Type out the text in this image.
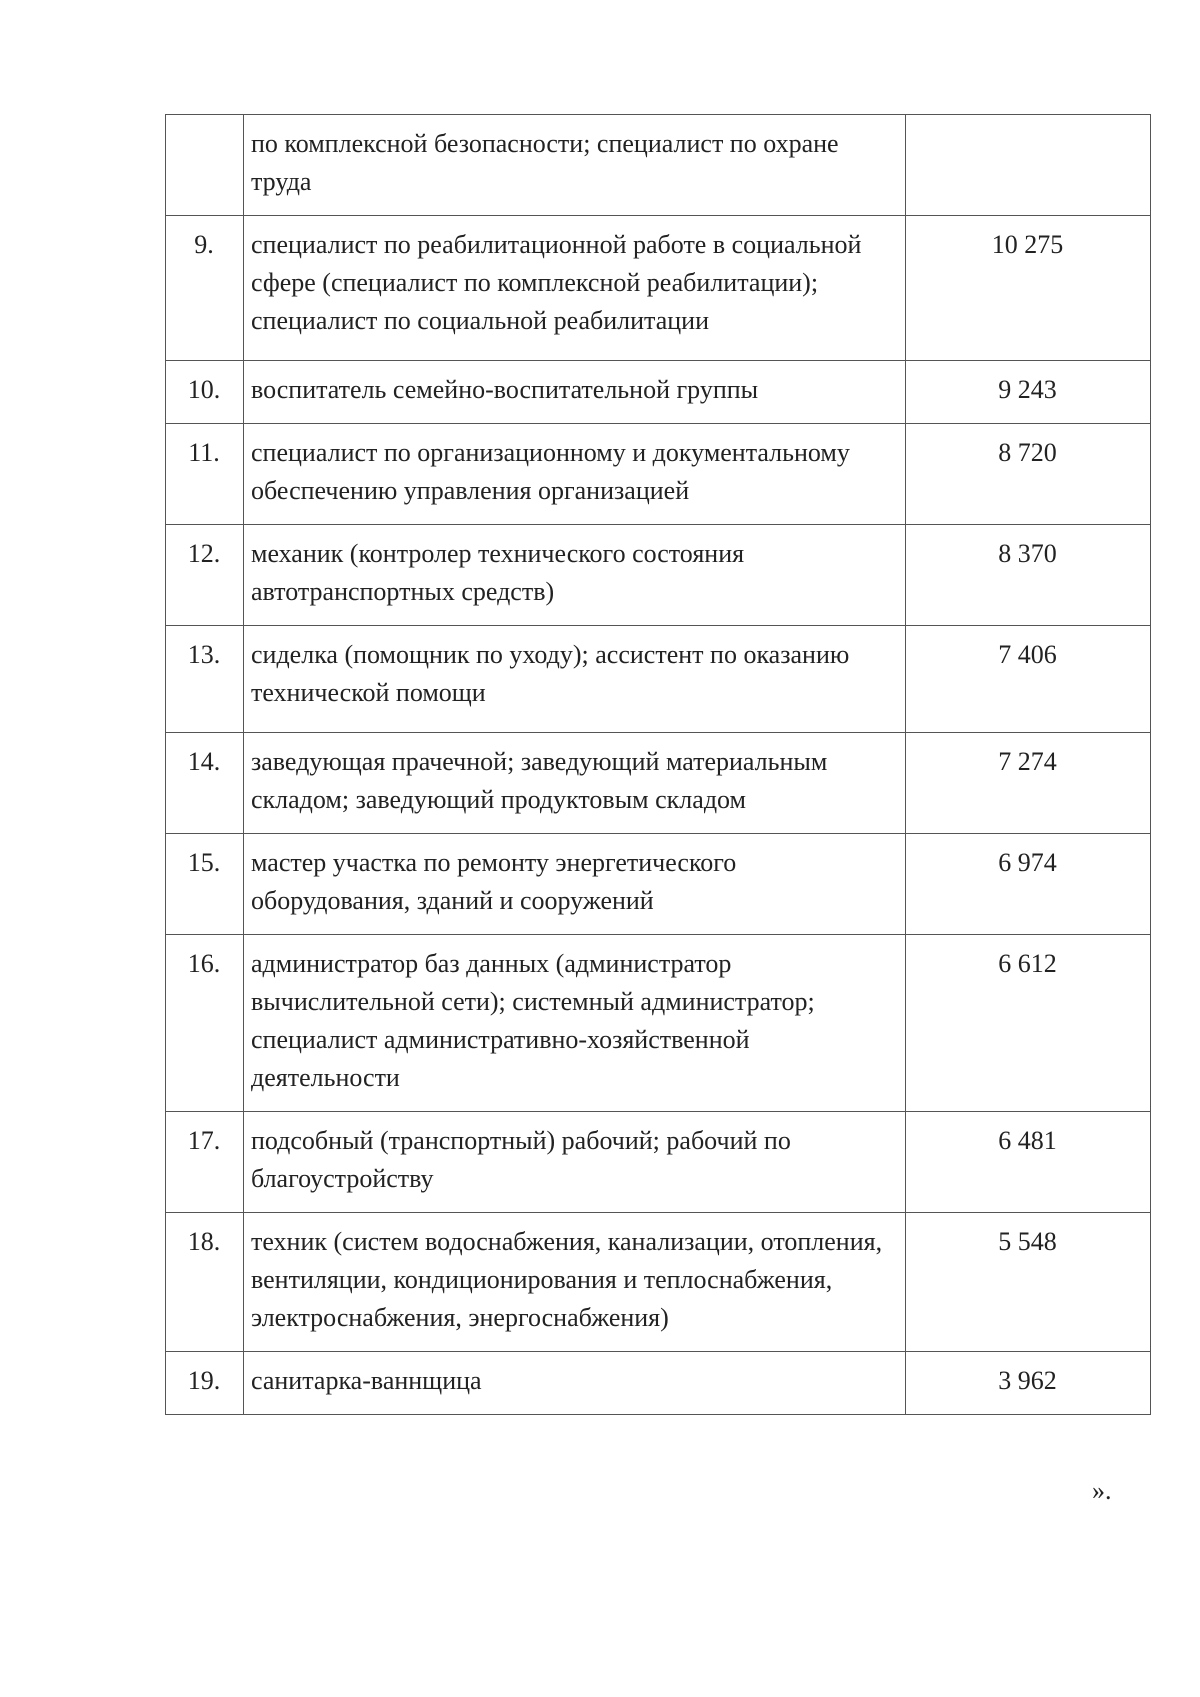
	по комплексной безопасности; специалист по охране труда	
9.	специалист по реабилитационной работе в социальной сфере (специалист по комплексной реабилитации); специалист по социальной реабилитации	10 275
10.	воспитатель семейно-воспитательной группы	9 243
11.	специалист по организационному и документальному обеспечению управления организацией	8 720
12.	механик (контролер технического состояния автотранспортных средств)	8 370
13.	сиделка (помощник по уходу); ассистент по оказанию технической помощи	7 406
14.	заведующая прачечной; заведующий материальным складом; заведующий продуктовым складом	7 274
15.	мастер участка по ремонту энергетического оборудования, зданий и сооружений	6 974
16.	администратор баз данных (администратор вычислительной сети); системный администратор; специалист административно-хозяйственной деятельности	6 612
17.	подсобный (транспортный) рабочий; рабочий по благоустройству	6 481
18.	техник (систем водоснабжения, канализации, отопления, вентиляции, кондиционирования и теплоснабжения, электроснабжения, энергоснабжения)	5 548
19.	санитарка-ваннщица	3 962
».
